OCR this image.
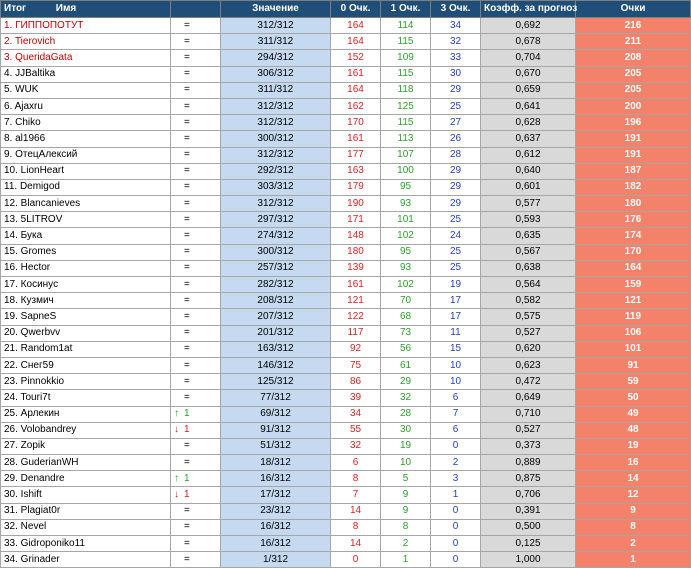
Итог Имя		Значение	0 Очк.	1 Очк.	3 Очк.	Коэфф. за прогноз	Очки
1. ГИППОПОТУТ	=	312/312	164	114	34	0,692	216
2. Tierovich	=	311/312	164	115	32	0,678	211
3. QueridaGata	=	294/312	152	109	33	0,704	208
4. JJBaltika	=	306/312	161	115	30	0,670	205
5. WUK	=	311/312	164	118	29	0,659	205
6. Ajaxru	=	312/312	162	125	25	0,641	200
7. Chiko	=	312/312	170	115	27	0,628	196
8. al1966	=	300/312	161	113	26	0,637	191
9. ОтецАлексий	=	312/312	177	107	28	0,612	191
10. LionHeart	=	292/312	163	100	29	0,640	187
11. Demigod	=	303/312	179	95	29	0,601	182
12. Blancanieves	=	312/312	190	93	29	0,577	180
13. 5LITROV	=	297/312	171	101	25	0,593	176
14. Бука	=	274/312	148	102	24	0,635	174
15. Gromes	=	300/312	180	95	25	0,567	170
16. Hector	=	257/312	139	93	25	0,638	164
17. Косинус	=	282/312	161	102	19	0,564	159
18. Кузмич	=	208/312	121	70	17	0,582	121
19. SapneS	=	207/312	122	68	17	0,575	119
20. Qwerbvv	=	201/312	117	73	11	0,527	106
21. Random1at	=	163/312	92	56	15	0,620	101
22. Cнег59	=	146/312	75	61	10	0,623	91
23. Pinnokkio	=	125/312	86	29	10	0,472	59
24. Touri7t	=	77/312	39	32	6	0,649	50
25. Арлекин	↑ 1	69/312	34	28	7	0,710	49
26. Volobandrey	↓ 1	91/312	55	30	6	0,527	48
27. Zopik	=	51/312	32	19	0	0,373	19
28. GuderianWH	=	18/312	6	10	2	0,889	16
29. Denandre	↑ 1	16/312	8	5	3	0,875	14
30. Ishift	↓ 1	17/312	7	9	1	0,706	12
31. Plagiat0r	=	23/312	14	9	0	0,391	9
32. Nevel	=	16/312	8	8	0	0,500	8
33. Gidroponiko11	=	16/312	14	2	0	0,125	2
34. Grinader	=	1/312	0	1	0	1,000	1
